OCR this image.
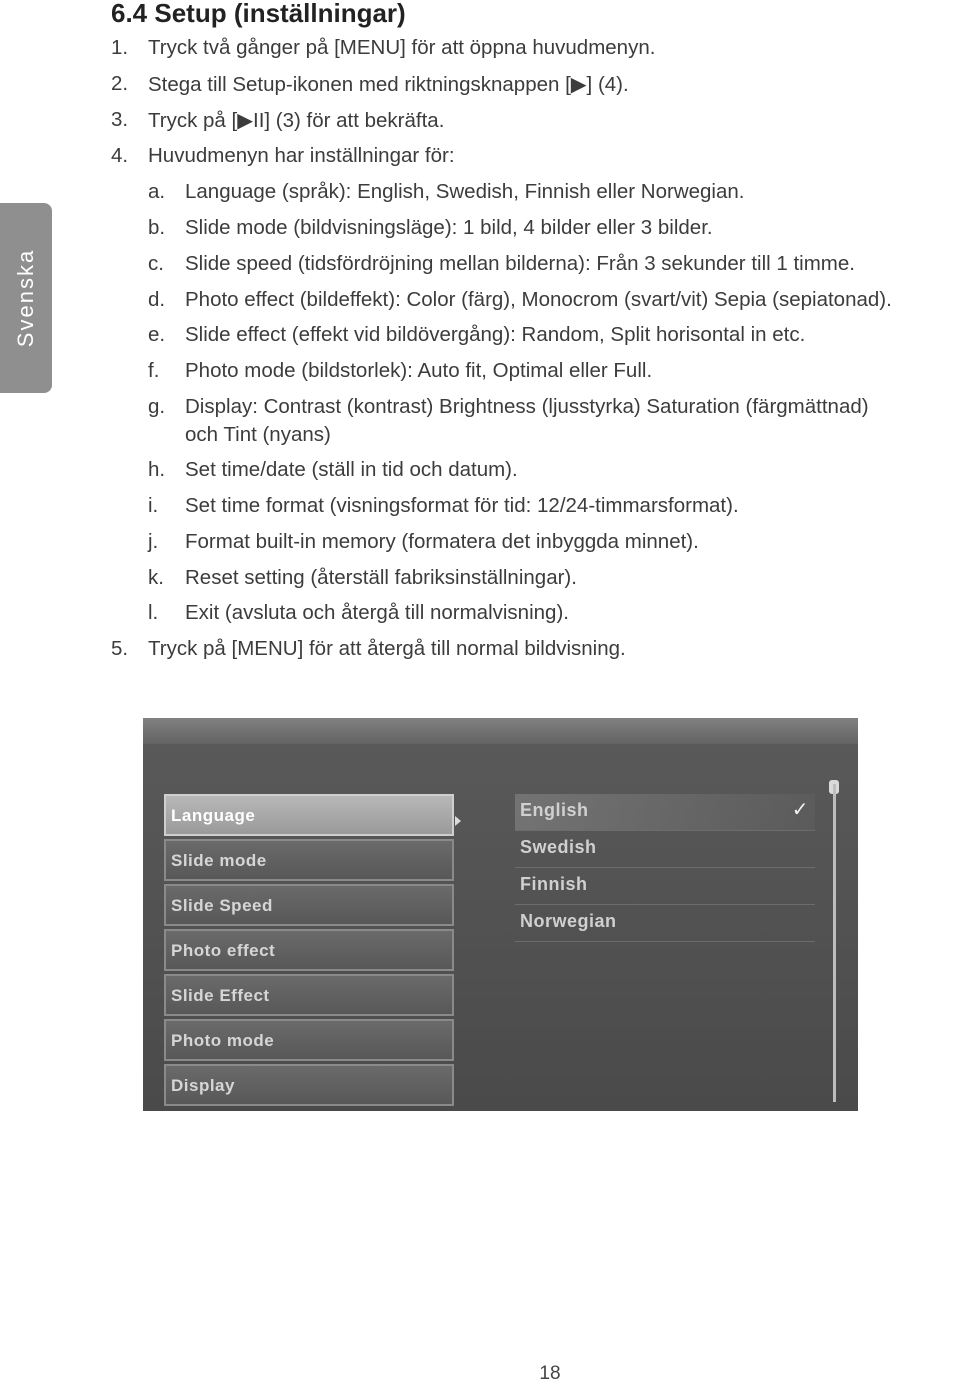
Svenska
6.4 Setup (inställningar)
1. Tryck två gånger på [MENU] för att öppna huvudmenyn.
2. Stega till Setup-ikonen med riktningsknappen [▶] (4).
3. Tryck på [▶II] (3) för att bekräfta.
4. Huvudmenyn har inställningar för:
a. Language (språk): English, Swedish, Finnish eller Norwegian.
b. Slide mode (bildvisningsläge): 1 bild, 4 bilder eller 3 bilder.
c. Slide speed (tidsfördröjning mellan bilderna): Från 3 sekunder till 1 timme.
d. Photo effect (bildeffekt): Color (färg), Monocrom (svart/vit) Sepia (sepiatonad).
e. Slide effect (effekt vid bildövergång): Random, Split horisontal in etc.
f. Photo mode (bildstorlek): Auto fit, Optimal eller Full.
g. Display: Contrast (kontrast) Brightness (ljusstyrka) Saturation (färgmättnad)
och Tint (nyans)
h. Set time/date (ställ in tid och datum).
i. Set time format (visningsformat för tid: 12/24-timmarsformat).
j. Format built-in memory (formatera det inbyggda minnet).
k. Reset setting (återställ fabriksinställningar).
l. Exit (avsluta och återgå till normalvisning).
5. Tryck på [MENU] för att återgå till normal bildvisning.
Language
Slide mode
Slide Speed
Photo effect
Slide Effect
Photo mode
Display
English	✓
Swedish
Finnish
Norwegian
18
